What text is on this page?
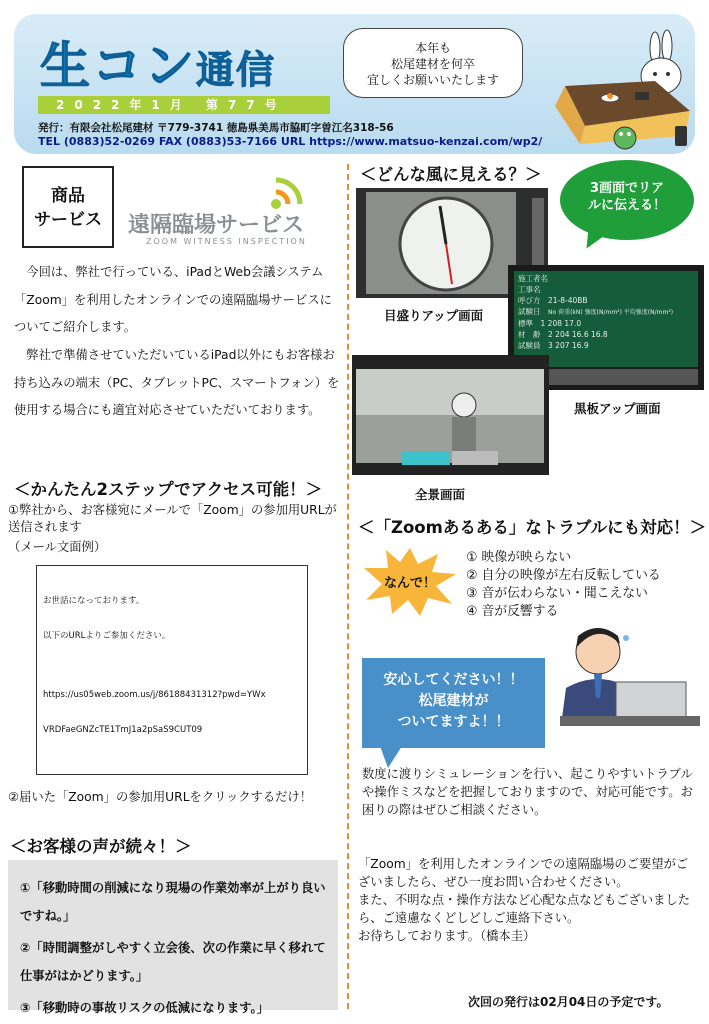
生コン通信
2022年1月 第77号
発行：有限会社松尾建材 〒779-3741 徳島県美馬市脇町字曽江名318-56
TEL (0883)52-0269 FAX (0883)53-7166 URL https://www.matsuo-kenzai.com/wp2/
本年も
松尾建材を何卒
宜しくお願いいたします
商品
サービス	遠隔臨場サービス
ZOOM WITNESS INSPECTION
　今回は、弊社で行っている、iPadとWeb会議システム「Zoom」を利用したオンラインでの遠隔臨場サービスについてご紹介します。
　弊社で準備させていただいているiPad以外にもお客様お持ち込みの端末（PC、タブレットPC、スマートフォン）を使用する場合にも適宜対応させていただいております。
＜かんたん2ステップでアクセス可能！＞
①弊社から、お客様宛にメールで「Zoom」の参加用URLが送信されます
（メール文面例）

お世話になっております。

以下のURLよりご参加ください。

https://us05web.zoom.us/j/86188431312?pwd=YWx

VRDFaeGNZcTE1TmJ1a2pSaS9CUT09

②届いた「Zoom」の参加用URLをクリックするだけ！
＜お客様の声が続々！＞
①「移動時間の削減になり現場の作業効率が上がり良いですね。」
②「時間調整がしやすく立会後、次の作業に早く移れて仕事がはかどります。」
③「移動時の事故リスクの低減になります。」
＜どんな風に見える？＞
3画面でリアルに伝える！
目盛りアップ画面
施工者名
工事名
呼び方　 21-8-40BB
試験日　 No 荷重(kN) 強度(N/mm²) 平均強度(N/mm²)
標準　 1 208 17.0
材　齢　 2 204 16.6 16.8
試験員　 3 207 16.9
黒板アップ画面
全景画面
＜「Zoomあるある」なトラブルにも対応！＞
なんで！
① 映像が映らない
② 自分の映像が左右反転している
③ 音が伝わらない・聞こえない
④ 音が反響する
安心してください！！
松尾建材が
ついてますよ！！
数度に渡りシミュレーションを行い、起こりやすいトラブルや操作ミスなどを把握しておりますので、対応可能です。お困りの際はぜひご相談ください。
「Zoom」を利用したオンラインでの遠隔臨場のご要望がございましたら、ぜひ一度お問い合わせください。
また、不明な点・操作方法など心配な点などもございましたら、ご遠慮なくどしどしご連絡下さい。
お待ちしております。（橋本圭）
次回の発行は02月04日の予定です。
